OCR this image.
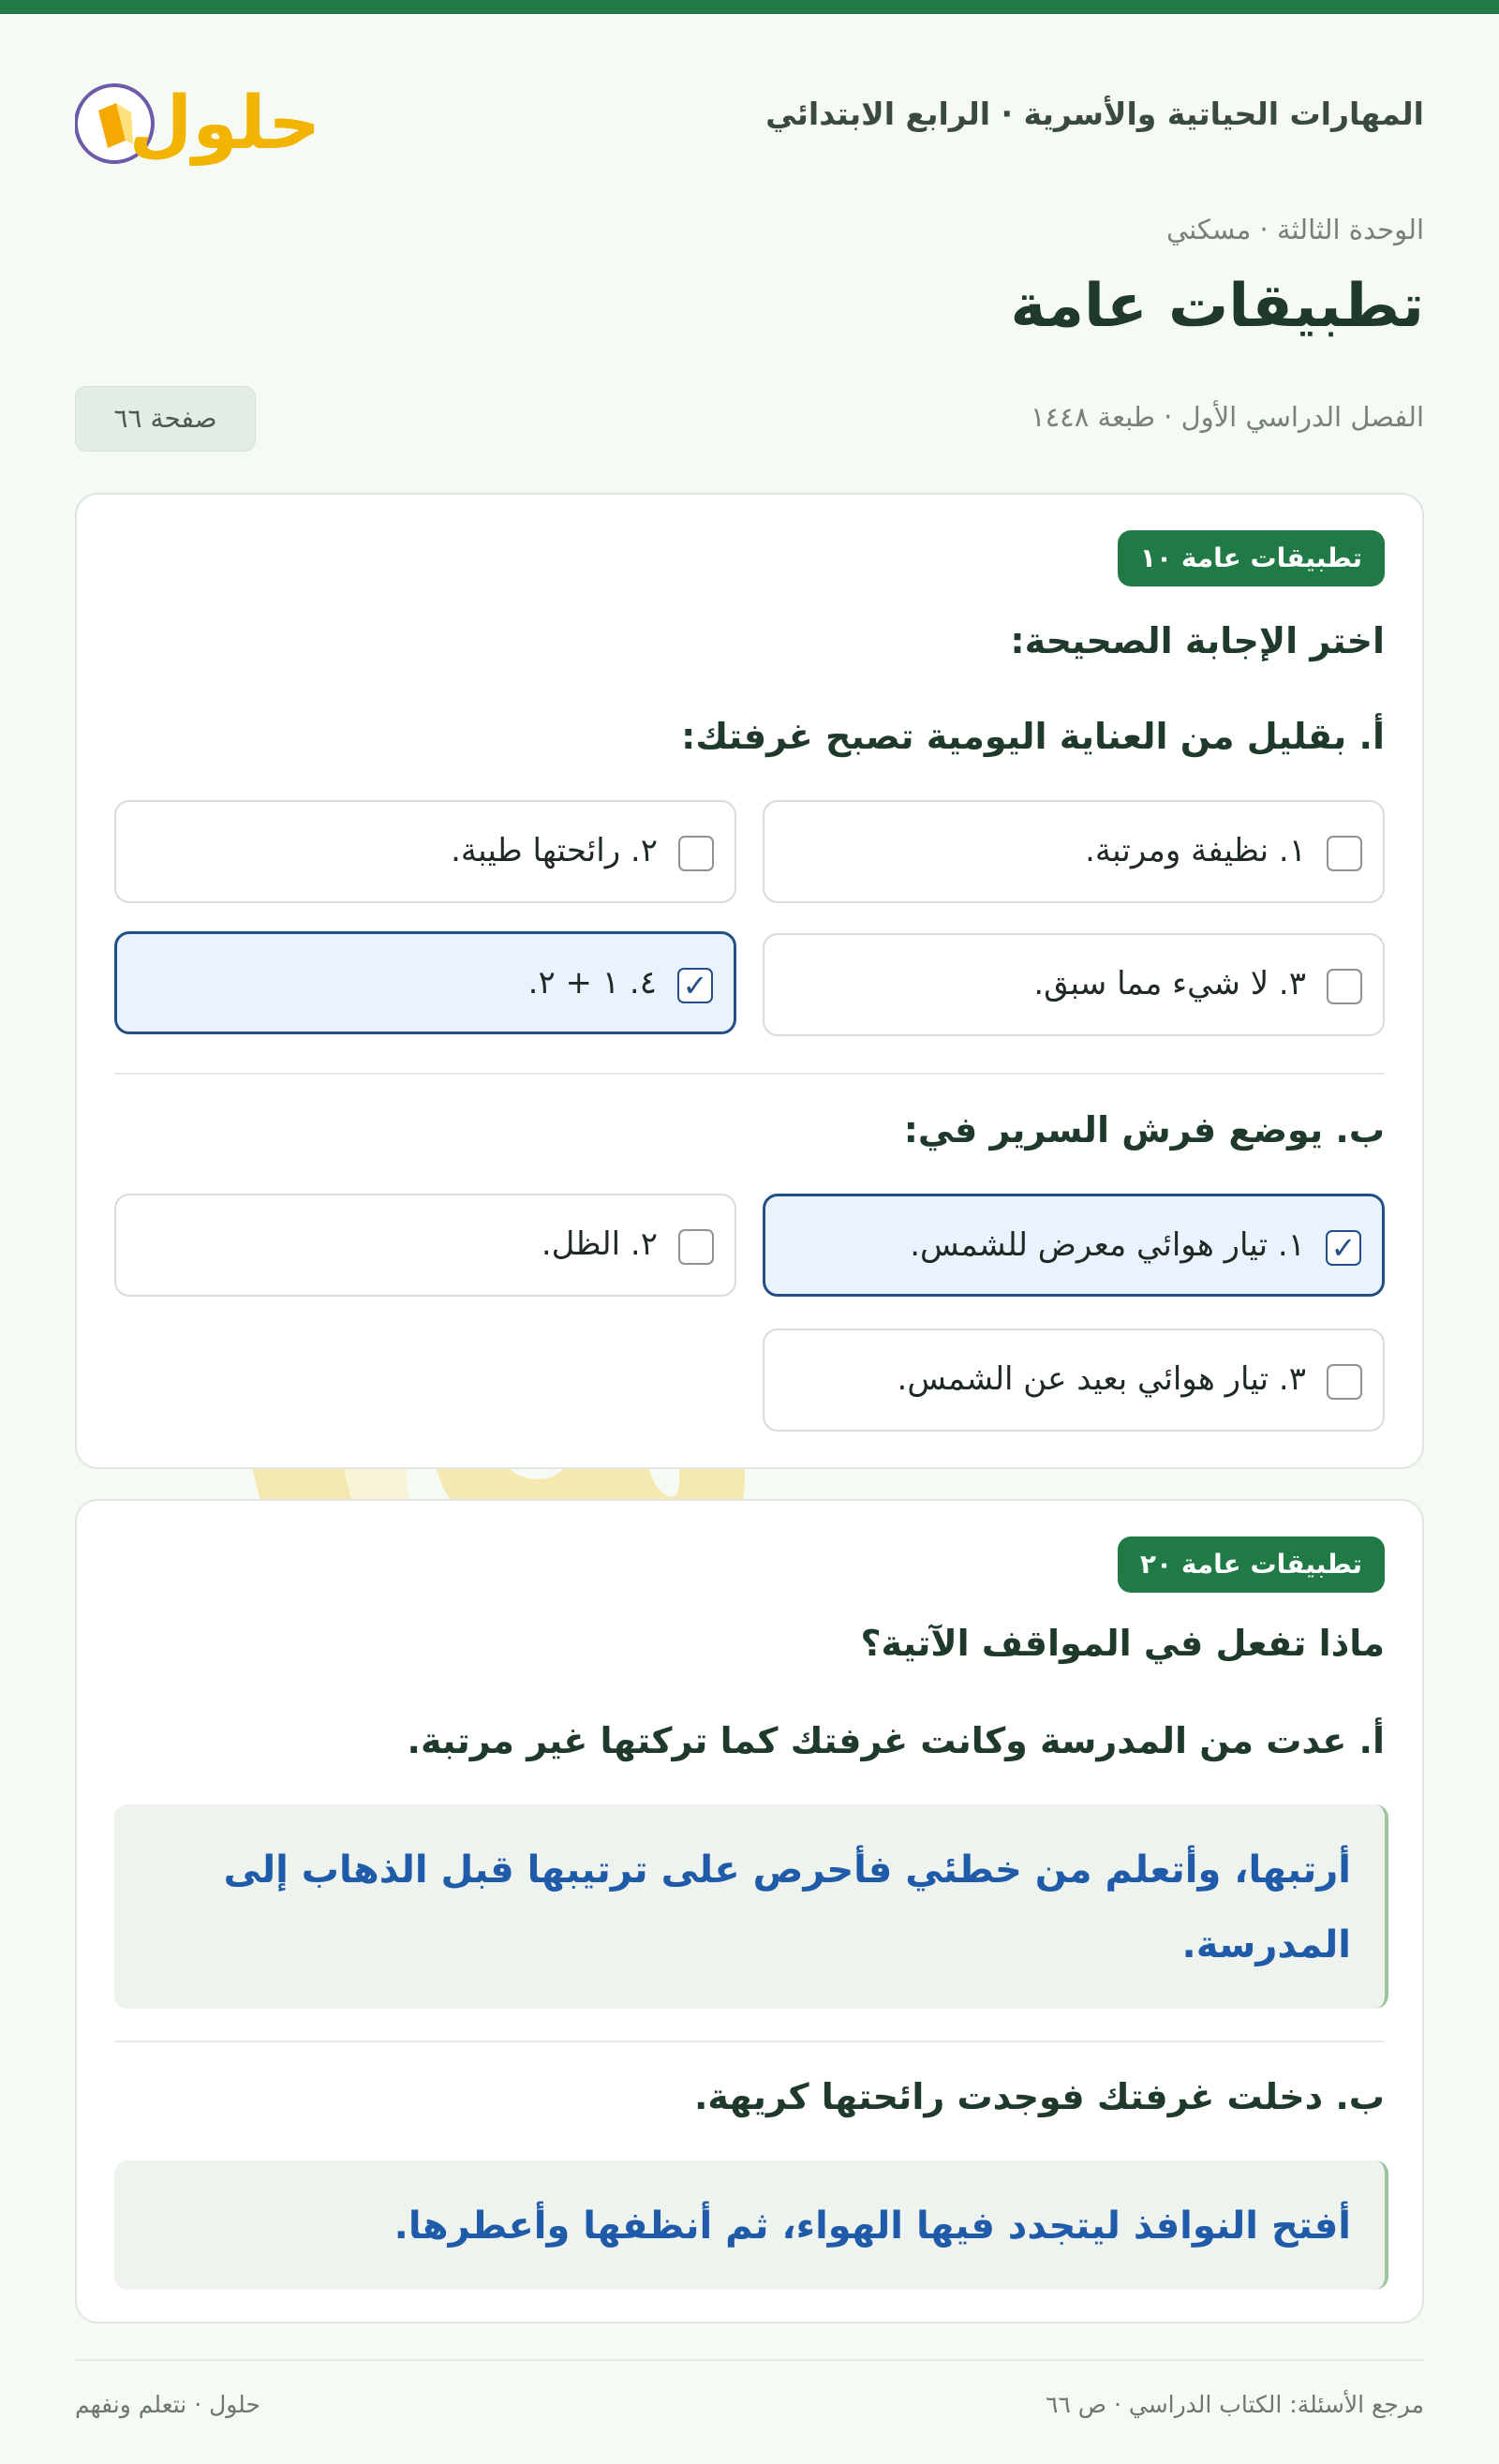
المهارات الحياتية والأسرية · الرابع الابتدائي
حلول
الوحدة الثالثة · مسكني
تطبيقات عامة
الفصل الدراسي الأول · طبعة ١٤٤٨
صفحة ٦٦
تطبيقات عامة ١٠
اختر الإجابة الصحيحة:
أ. بقليل من العناية اليومية تصبح غرفتك:
١. نظيفة ومرتبة.
٢. رائحتها طيبة.
٣. لا شيء مما سبق.
✓
٤. ١ + ٢.
ب. يوضع فرش السرير في:
✓
١. تيار هوائي معرض للشمس.
٢. الظل.
٣. تيار هوائي بعيد عن الشمس.
تطبيقات عامة ٢٠
ماذا تفعل في المواقف الآتية؟
أ. عدت من المدرسة وكانت غرفتك كما تركتها غير مرتبة.
أرتبها، وأتعلم من خطئي فأحرص على ترتيبها قبل الذهاب إلى المدرسة.
ب. دخلت غرفتك فوجدت رائحتها كريهة.
أفتح النوافذ ليتجدد فيها الهواء، ثم أنظفها وأعطرها.
مرجع الأسئلة: الكتاب الدراسي · ص ٦٦
حلول · نتعلم ونفهم
